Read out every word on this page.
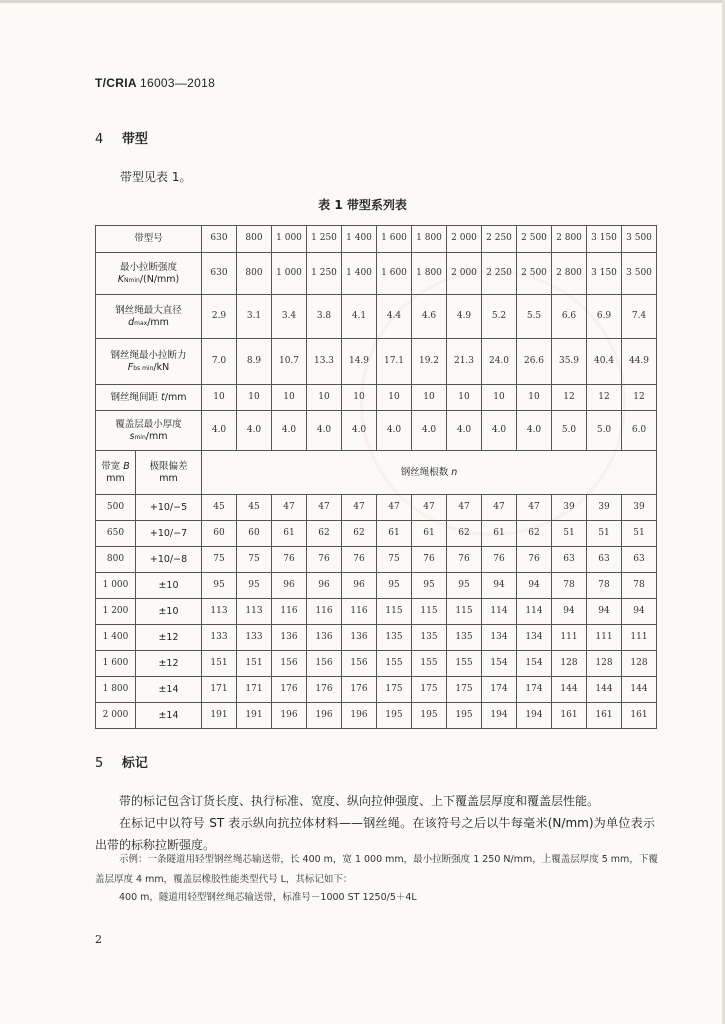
T/CRIA 16003—2018
4 带型
带型见表 1。
表 1 带型系列表
带型号		630	800	1 000	1 250	1 400	1 600	1 800	2 000	2 250	2 500	2 800	3 150	3 500
最小拉断强度
KNmin/(N/mm)		630	800	1 000	1 250	1 400	1 600	1 800	2 000	2 250	2 500	2 800	3 150	3 500
钢丝绳最大直径
dmax/mm		2.9	3.1	3.4	3.8	4.1	4.4	4.6	4.9	5.2	5.5	6.6	6.9	7.4
钢丝绳最小拉断力
Fbs min/kN		7.0	8.9	10.7	13.3	14.9	17.1	19.2	21.3	24.0	26.6	35.9	40.4	44.9
钢丝绳间距 t/mm		10	10	10	10	10	10	10	10	10	10	12	12	12
覆盖层最小厚度
smin/mm		4.0	4.0	4.0	4.0	4.0	4.0	4.0	4.0	4.0	4.0	5.0	5.0	6.0
带宽 B
mm	极限偏差
mm	钢丝绳根数 n												
500	+10/−5	45	45	47	47	47	47	47	47	47	47	39	39	39
650	+10/−7	60	60	61	62	62	61	61	62	61	62	51	51	51
800	+10/−8	75	75	76	76	76	75	76	76	76	76	63	63	63
1 000	±10	95	95	96	96	96	95	95	95	94	94	78	78	78
1 200	±10	113	113	116	116	116	115	115	115	114	114	94	94	94
1 400	±12	133	133	136	136	136	135	135	135	134	134	111	111	111
1 600	±12	151	151	156	156	156	155	155	155	154	154	128	128	128
1 800	±14	171	171	176	176	176	175	175	175	174	174	144	144	144
2 000	±14	191	191	196	196	196	195	195	195	194	194	161	161	161
5 标记
带的标记包含订货长度、执行标准、宽度、纵向拉伸强度、上下覆盖层厚度和覆盖层性能。
在标记中以符号 ST 表示纵向抗拉体材料——钢丝绳。在该符号之后以牛每毫米(N/mm)为单位表示出带的标称拉断强度。
示例：一条隧道用轻型钢丝绳芯输送带，长 400 m，宽 1 000 mm，最小拉断强度 1 250 N/mm，上覆盖层厚度 5 mm，下覆盖层厚度 4 mm，覆盖层橡胶性能类型代号 L，其标记如下：
400 m，隧道用轻型钢丝绳芯输送带，标准号－1000 ST 1250/5＋4L
2
